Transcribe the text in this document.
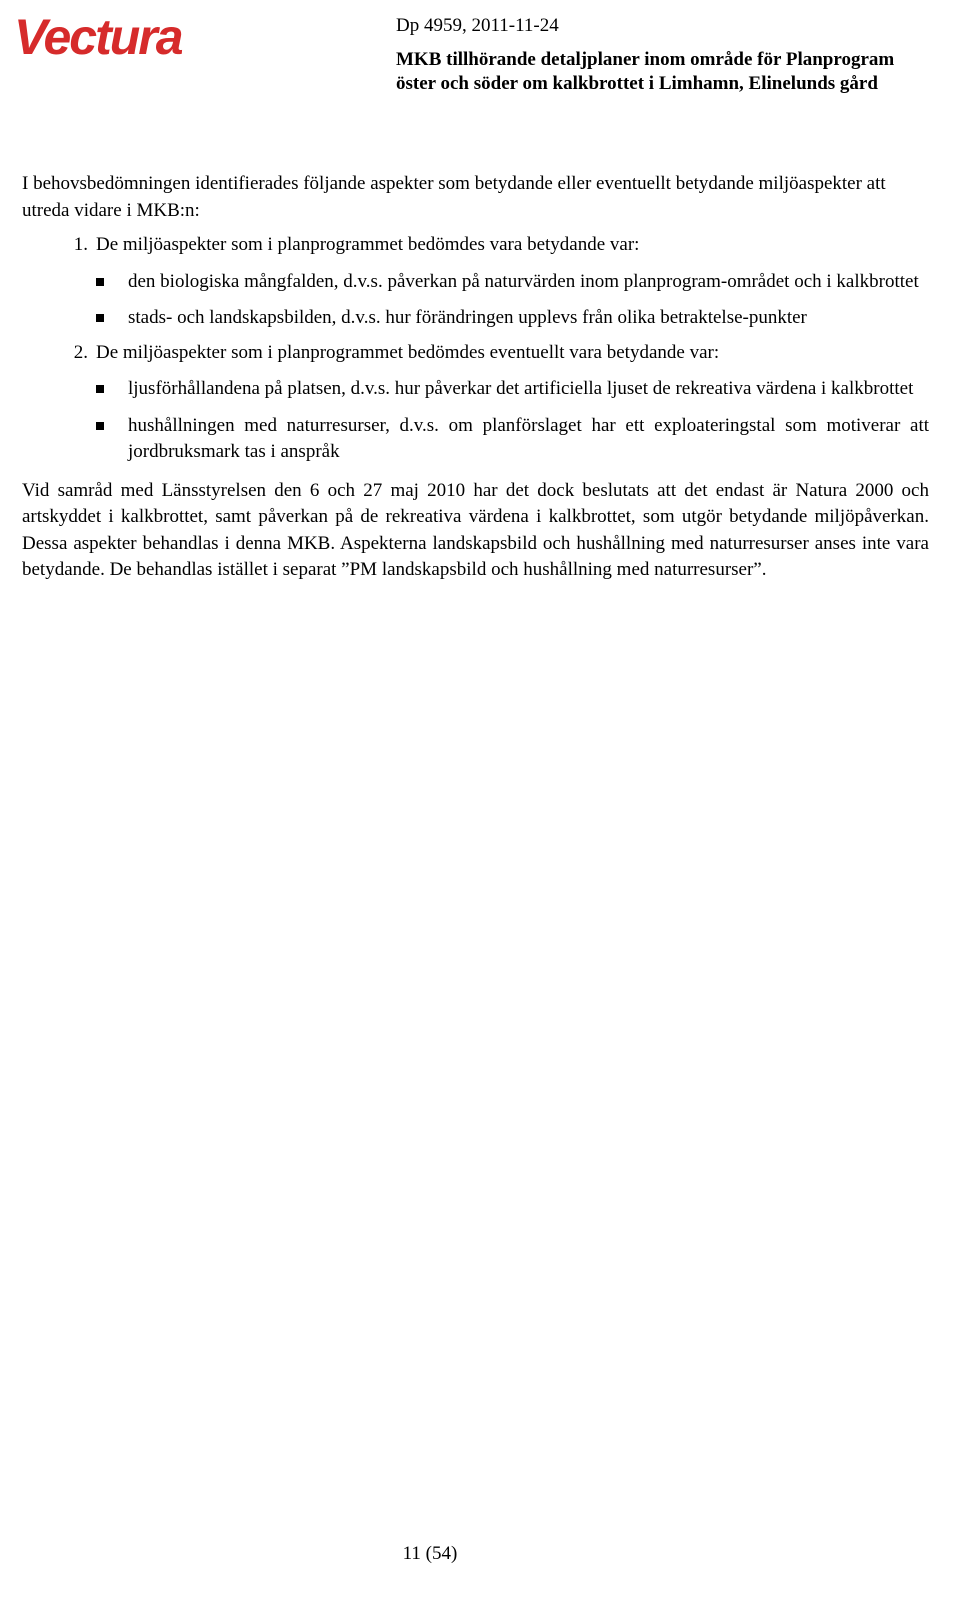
Vectura	Dp 4959, 2011-11-24

MKB tillhörande detaljplaner inom område för Planprogram

öster och söder om kalkbrottet i Limhamn, Elinelunds gård

I behovsbedömningen identifierades följande aspekter som betydande eller eventuellt betydande miljöaspekter att utreda vidare i MKB:n:

1. De miljöaspekter som i planprogrammet bedömdes vara betydande var:
den biologiska mångfalden, d.v.s. påverkan på naturvärden inom planprogram-området och i kalkbrottet
stads- och landskapsbilden, d.v.s. hur förändringen upplevs från olika betraktelse-punkter
2. De miljöaspekter som i planprogrammet bedömdes eventuellt vara betydande var:
ljusförhållandena på platsen, d.v.s. hur påverkar det artificiella ljuset de rekreativa värdena i kalkbrottet
hushållningen med naturresurser, d.v.s. om planförslaget har ett exploateringstal som motiverar att jordbruksmark tas i anspråk

Vid samråd med Länsstyrelsen den 6 och 27 maj 2010 har det dock beslutats att det endast är Natura 2000 och artskyddet i kalkbrottet, samt påverkan på de rekreativa värdena i kalkbrottet, som utgör betydande miljöpåverkan. Dessa aspekter behandlas i denna MKB. Aspekterna landskapsbild och hushållning med naturresurser anses inte vara betydande. De behandlas istället i separat ”PM landskapsbild och hushållning med naturresurser”.

11 (54)
